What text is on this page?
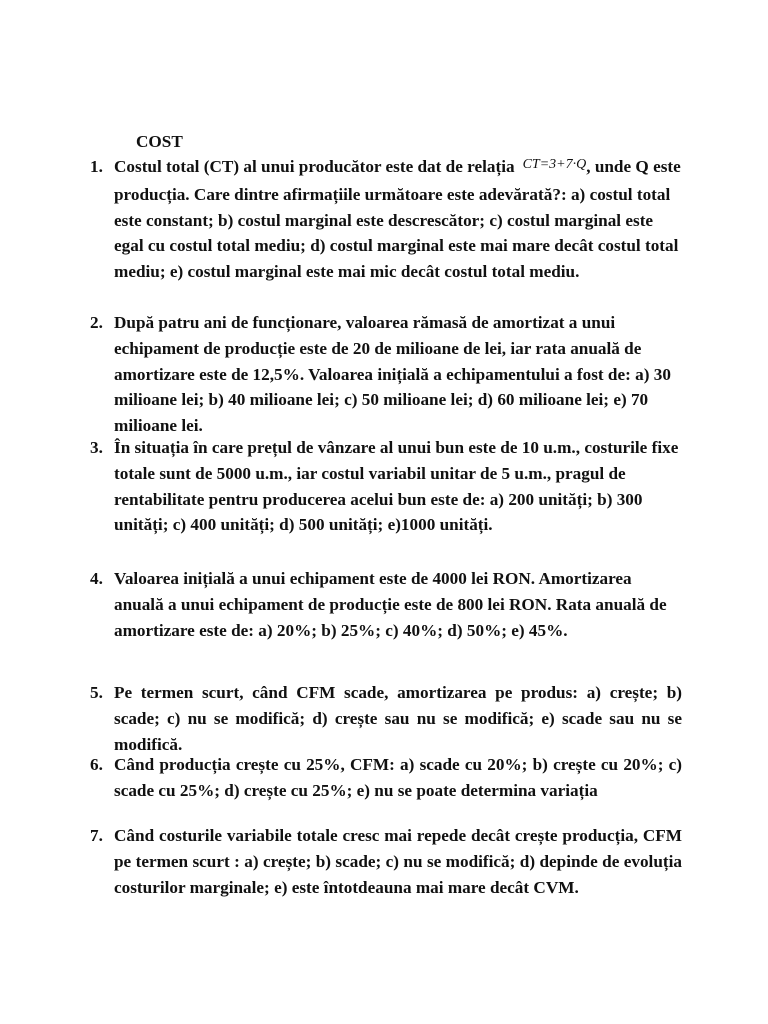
COST
1. Costul total (CT) al unui producător este dat de relația $^{CT=3+7\cdot Q}$, unde Q este producția. Care dintre afirmațiile următoare este adevărată?: a) costul total este constant; b) costul marginal este descrescător; c) costul marginal este egal cu costul total mediu; d) costul marginal este mai mare decât costul total mediu; e) costul marginal este mai mic decât costul total mediu.

2. După patru ani de funcționare, valoarea rămasă de amortizat a unui echipament de producție este de 20 de milioane de lei, iar rata anuală de amortizare este de 12,5%. Valoarea inițială a echipamentului a fost de: a) 30 milioane lei; b) 40 milioane lei; c) 50 milioane lei; d) 60 milioane lei; e) 70 milioane lei.

3. În situația în care prețul de vânzare al unui bun este de 10 u.m., costurile fixe totale sunt de 5000 u.m., iar costul variabil unitar de 5 u.m., pragul de rentabilitate pentru producerea acelui bun este de: a) 200 unități; b) 300 unități; c) 400 unități; d) 500 unități; e)1000 unități.

4. Valoarea inițială a unui echipament este de 4000 lei RON. Amortizarea anuală a unui echipament de producție este de 800 lei RON. Rata anuală de amortizare este de: a) 20%; b) 25%; c) 40%; d) 50%; e) 45%.

5. Pe termen scurt, când CFM scade, amortizarea pe produs: a) crește; b) scade; c) nu se modifică; d) crește sau nu se modifică; e) scade sau nu se modifică.

6. Când producția crește cu 25%, CFM: a) scade cu 20%; b) crește cu 20%; c) scade cu 25%; d) crește cu 25%; e) nu se poate determina variația

7. Când costurile variabile totale cresc mai repede decât crește producția, CFM pe termen scurt : a) crește; b) scade; c) nu se modifică; d) depinde de evoluția costurilor marginale; e) este întotdeauna mai mare decât CVM.
